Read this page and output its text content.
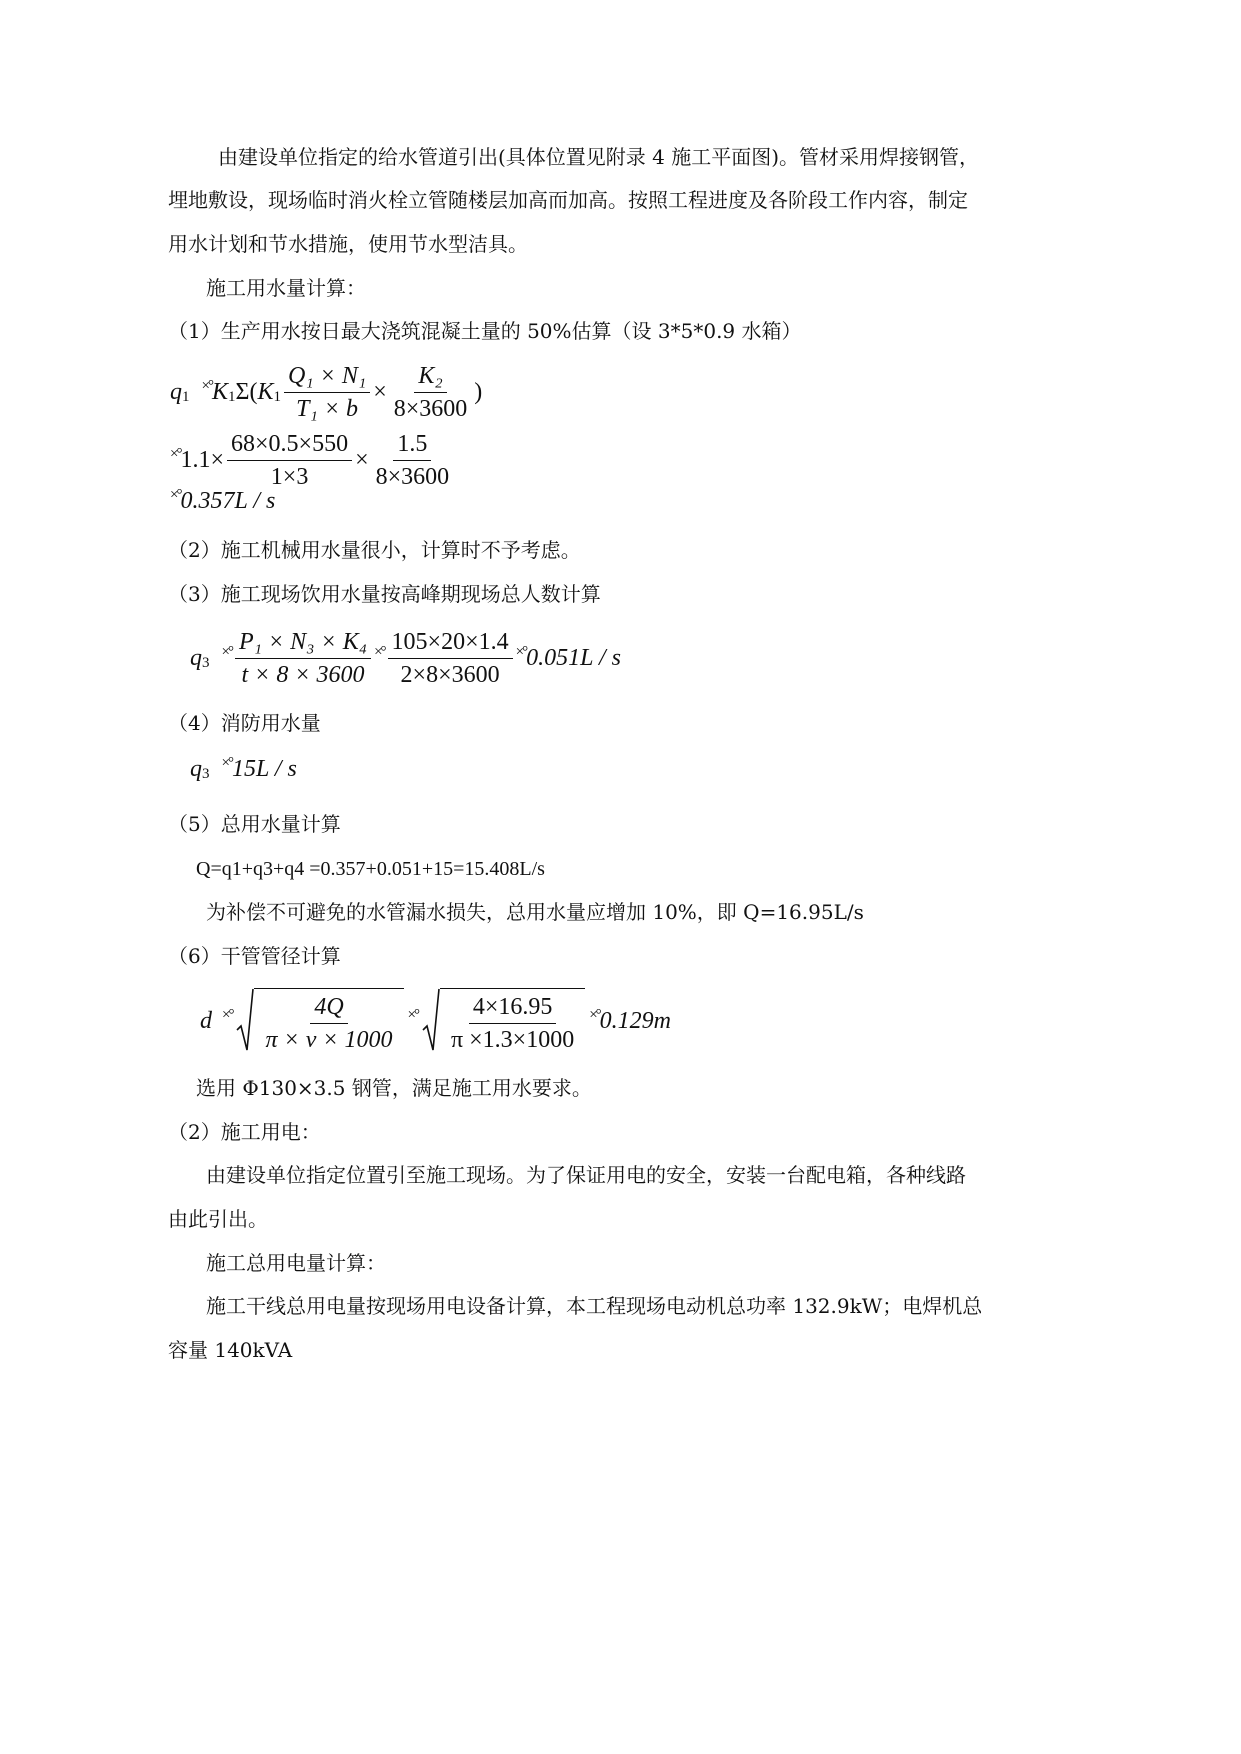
由建设单位指定的给水管道引出(具体位置见附录 4 施工平面图)。管材采用焊接钢管，
埋地敷设，现场临时消火栓立管随楼层加高而加高。按照工程进度及各阶段工作内容，制定
用水计划和节水措施，使用节水型洁具。
施工用水量计算：
（1）生产用水按日最大浇筑混凝土量的 50%估算（设 3*5*0.9 水箱）
q 1
×° K 1 Σ( K $1 \frac{\text{Q₁ × N₁}}{\text{T₁ × b}} \times \frac{\text{K₂}}{8\times 3600}$ )
×° $1.1\times \frac{68\times 0.5\times 550}{1\times 3} \times \frac{1.5}{8\times 3600}$
×° 0.357L / s
（2）施工机械用水量很小，计算时不予考虑。
（3）施工现场饮用水量按高峰期现场总人数计算
q 3
×° $\frac{\text{P₁ × N₃ × K₄}}{t \times 8 \times 3600}$ ×° $\frac{105\times 20\times 1.4}{2\times 8\times 3600}$ ×° 0.051L / s
（4）消防用水量
q 3
×° 15L / s
（5）总用水量计算
Q=q1+q3+q4 =0.357+0.051+15=15.408L/s
为补偿不可避免的水管漏水损失，总用水量应增加 10%，即 Q=16.95L/s
（6）干管管径计算
d ×° $\frac{4Q}{\pi \times v \times 1000}$ ×° $\frac{4\times 16.95}{\pi \times 1.3\times 1000}$ ×° 0.129m
选用 Φ130×3.5 钢管，满足施工用水要求。
（2）施工用电：
由建设单位指定位置引至施工现场。为了保证用电的安全，安装一台配电箱，各种线路
由此引出。
施工总用电量计算：
施工干线总用电量按现场用电设备计算，本工程现场电动机总功率 132.9kW；电焊机总
容量 140kVA
